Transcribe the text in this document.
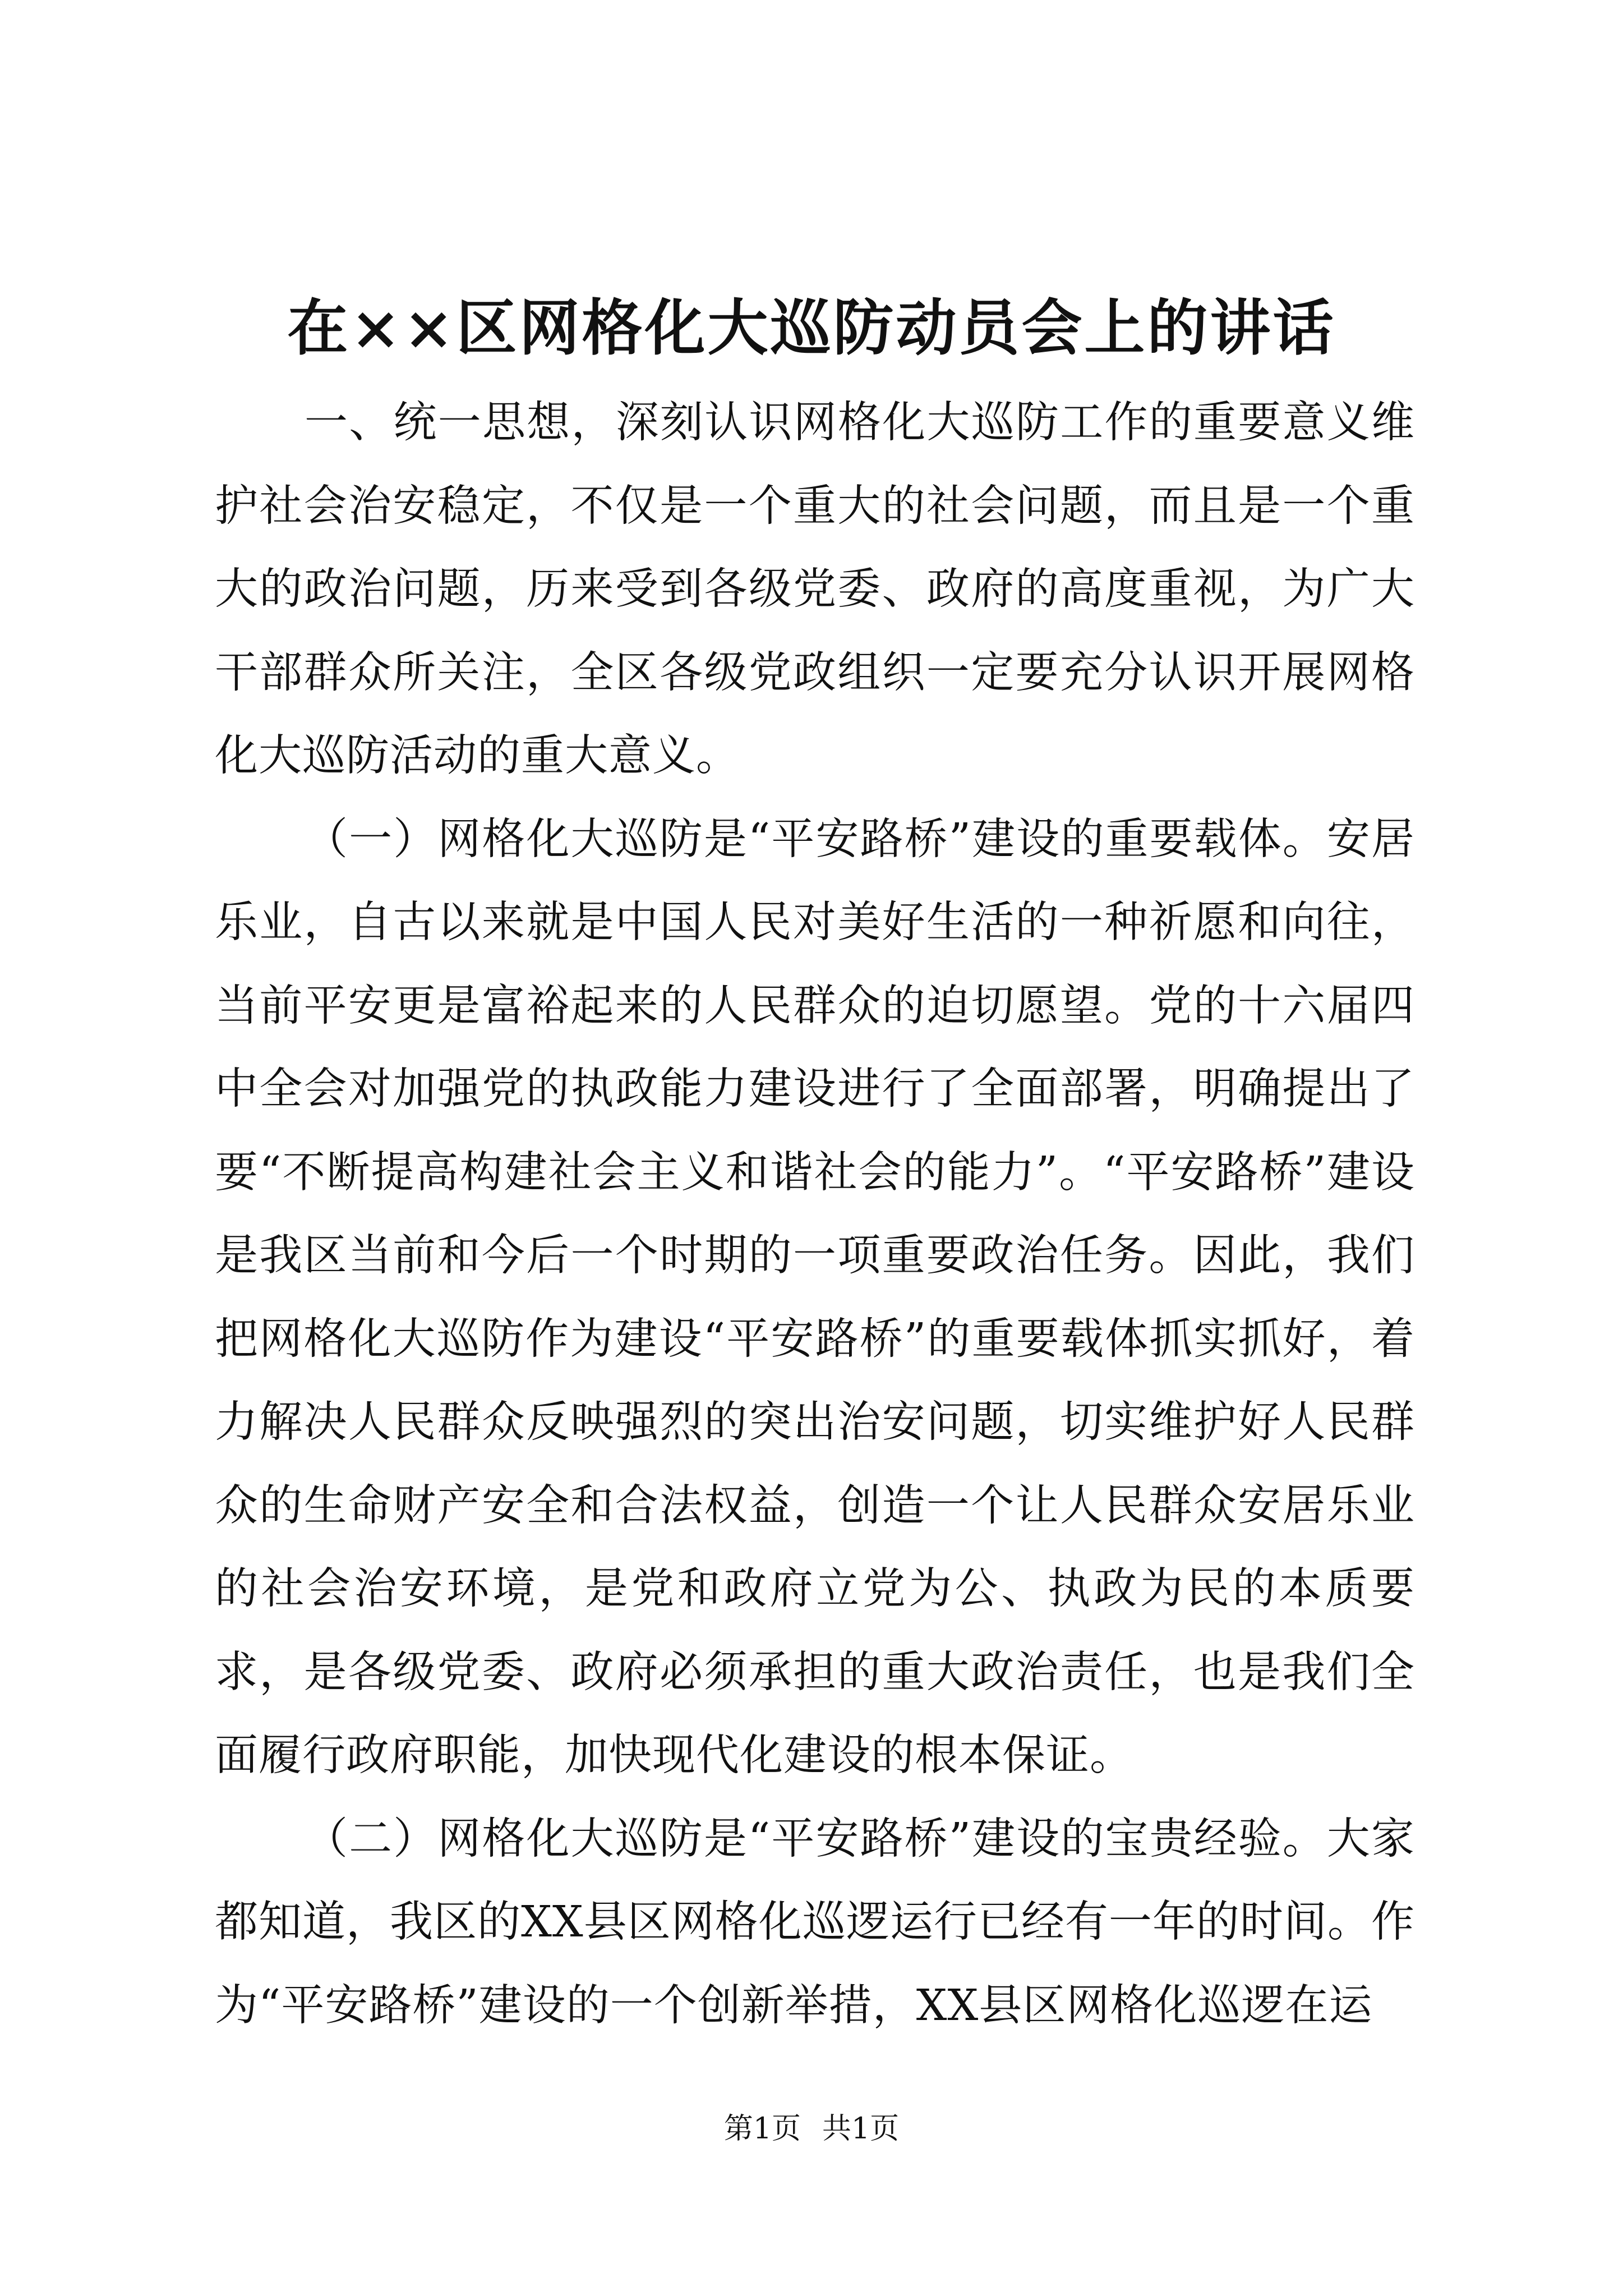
在××区网格化大巡防动员会上的讲话

一、统一思想，深刻认识网格化大巡防工作的重要意义维护社会治安稳定，不仅是一个重大的社会问题，而且是一个重大的政治问题，历来受到各级党委、政府的高度重视，为广大干部群众所关注，全区各级党政组织一定要充分认识开展网格化大巡防活动的重大意义。

（一）网格化大巡防是“平安路桥”建设的重要载体。安居乐业，自古以来就是中国人民对美好生活的一种祈愿和向往，当前平安更是富裕起来的人民群众的迫切愿望。党的十六届四中全会对加强党的执政能力建设进行了全面部署，明确提出了要“不断提高构建社会主义和谐社会的能力”。“平安路桥”建设是我区当前和今后一个时期的一项重要政治任务。因此，我们把网格化大巡防作为建设“平安路桥”的重要载体抓实抓好，着力解决人民群众反映强烈的突出治安问题，切实维护好人民群众的生命财产安全和合法权益，创造一个让人民群众安居乐业的社会治安环境，是党和政府立党为公、执政为民的本质要求，是各级党委、政府必须承担的重大政治责任，也是我们全面履行政府职能，加快现代化建设的根本保证。

（二）网格化大巡防是“平安路桥”建设的宝贵经验。大家都知道，我区的XX县区网格化巡逻运行已经有一年的时间。作为“平安路桥”建设的一个创新举措，XX县区网格化巡逻在运

第1页 共1页
